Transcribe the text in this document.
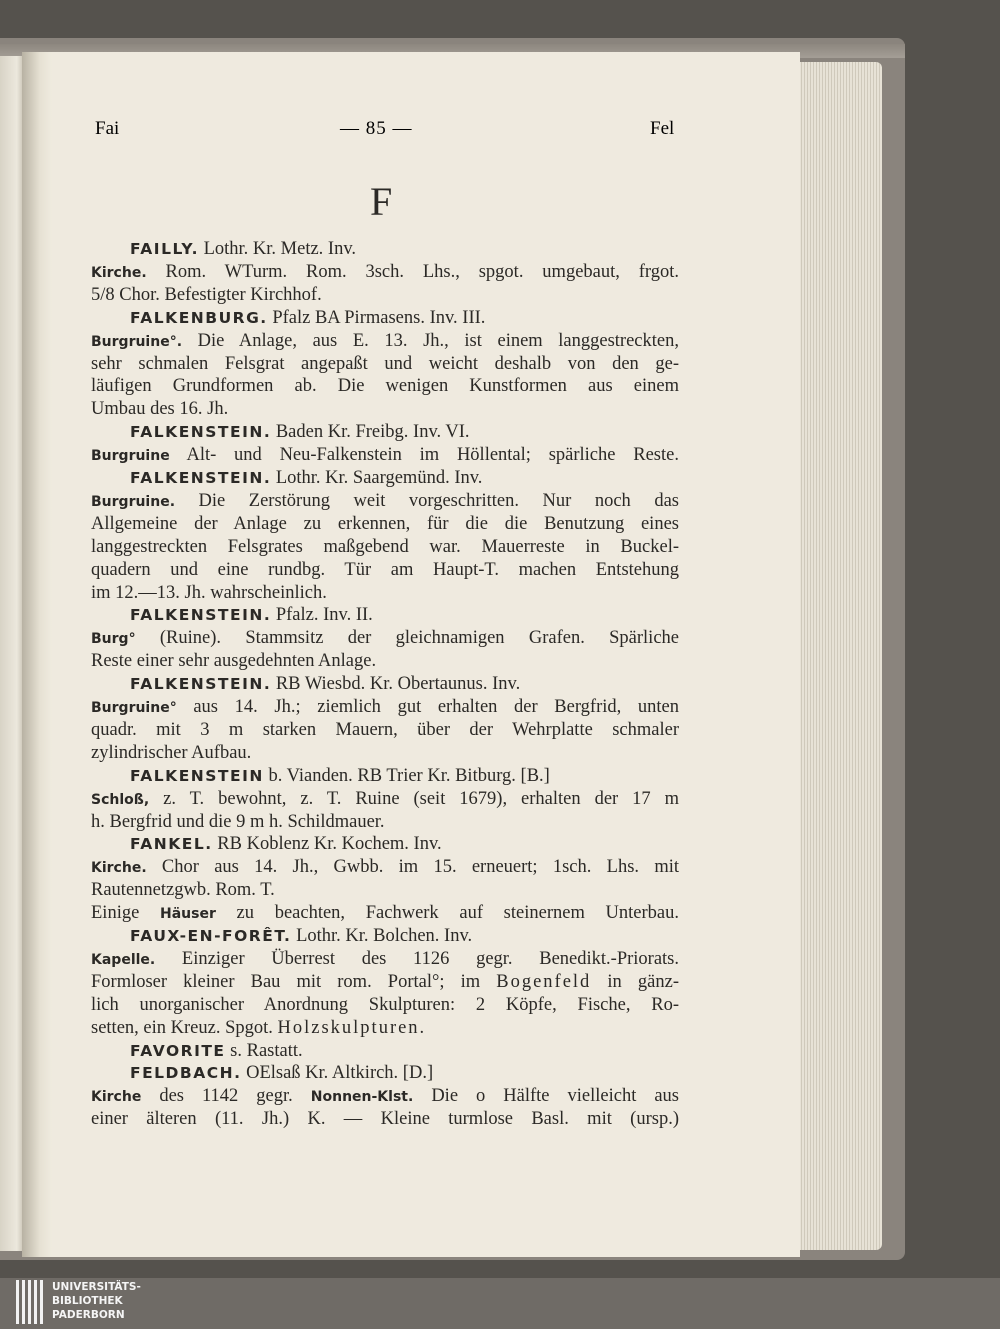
Fai	— 85 —	Fel
F
FAILLY. Lothr. Kr. Metz. Inv.
Kirche. Rom. WTurm. Rom. 3sch. Lhs., spgot. umgebaut, frgot.
5/8 Chor. Befestigter Kirchhof.
FALKENBURG. Pfalz BA Pirmasens. Inv. III.
Burgruine°. Die Anlage, aus E. 13. Jh., ist einem langgestreckten,
sehr schmalen Felsgrat angepaßt und weicht deshalb von den ge-
läufigen Grundformen ab. Die wenigen Kunstformen aus einem
Umbau des 16. Jh.
FALKENSTEIN. Baden Kr. Freibg. Inv. VI.
Burgruine Alt- und Neu-Falkenstein im Höllental; spärliche Reste.
FALKENSTEIN. Lothr. Kr. Saargemünd. Inv.
Burgruine. Die Zerstörung weit vorgeschritten. Nur noch das
Allgemeine der Anlage zu erkennen, für die die Benutzung eines
langgestreckten Felsgrates maßgebend war. Mauerreste in Buckel-
quadern und eine rundbg. Tür am Haupt-T. machen Entstehung
im 12.—13. Jh. wahrscheinlich.
FALKENSTEIN. Pfalz. Inv. II.
Burg° (Ruine). Stammsitz der gleichnamigen Grafen. Spärliche
Reste einer sehr ausgedehnten Anlage.
FALKENSTEIN. RB Wiesbd. Kr. Obertaunus. Inv.
Burgruine° aus 14. Jh.; ziemlich gut erhalten der Bergfrid, unten
quadr. mit 3 m starken Mauern, über der Wehrplatte schmaler
zylindrischer Aufbau.
FALKENSTEIN b. Vianden. RB Trier Kr. Bitburg. [B.]
Schloß, z. T. bewohnt, z. T. Ruine (seit 1679), erhalten der 17 m
h. Bergfrid und die 9 m h. Schildmauer.
FANKEL. RB Koblenz Kr. Kochem. Inv.
Kirche. Chor aus 14. Jh., Gwbb. im 15. erneuert; 1sch. Lhs. mit
Rautennetzgwb. Rom. T.
Einige Häuser zu beachten, Fachwerk auf steinernem Unterbau.
FAUX-EN-FORÊT. Lothr. Kr. Bolchen. Inv.
Kapelle. Einziger Überrest des 1126 gegr. Benedikt.-Priorats.
Formloser kleiner Bau mit rom. Portal°; im Bogenfeld in gänz-
lich unorganischer Anordnung Skulpturen: 2 Köpfe, Fische, Ro-
setten, ein Kreuz. Spgot. Holzskulpturen.
FAVORITE s. Rastatt.
FELDBACH. OElsaß Kr. Altkirch. [D.]
Kirche des 1142 gegr. Nonnen-Klst. Die o Hälfte vielleicht aus
einer älteren (11. Jh.) K. — Kleine turmlose Basl. mit (ursp.)
UNIVERSITÄTS-
BIBLIOTHEK
PADERBORN
